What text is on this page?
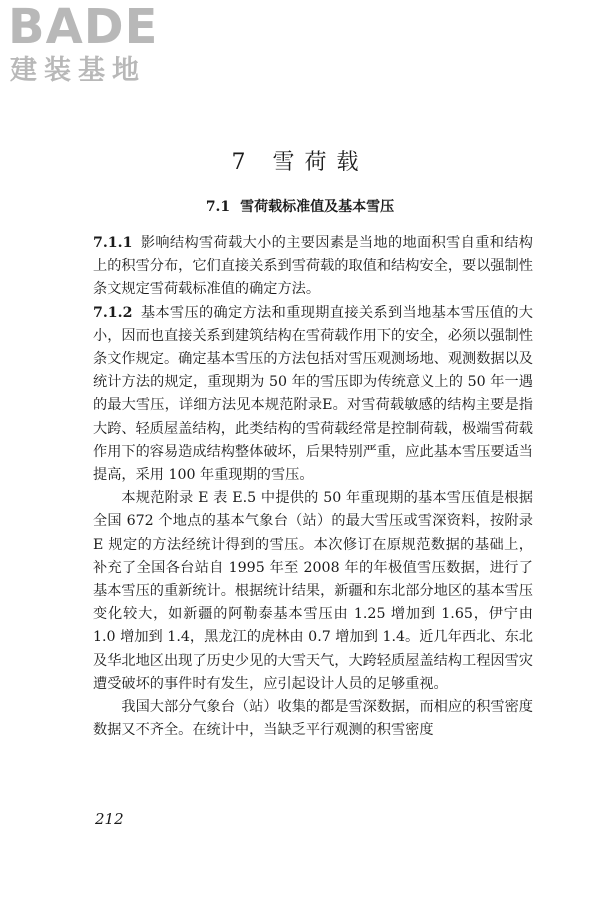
BADE
建装基地
7 雪荷载
7.1 雪荷载标准值及基本雪压

7.1.1 影响结构雪荷载大小的主要因素是当地的地面积雪自重和结构上的积雪分布，它们直接关系到雪荷载的取值和结构安全，要以强制性条文规定雪荷载标准值的确定方法。

7.1.2 基本雪压的确定方法和重现期直接关系到当地基本雪压值的大小，因而也直接关系到建筑结构在雪荷载作用下的安全，必须以强制性条文作规定。确定基本雪压的方法包括对雪压观测场地、观测数据以及统计方法的规定，重现期为 50 年的雪压即为传统意义上的 50 年一遇的最大雪压，详细方法见本规范附录E。对雪荷载敏感的结构主要是指大跨、轻质屋盖结构，此类结构的雪荷载经常是控制荷载，极端雪荷载作用下的容易造成结构整体破坏，后果特别严重，应此基本雪压要适当提高，采用 100 年重现期的雪压。

本规范附录 E 表 E.5 中提供的 50 年重现期的基本雪压值是根据全国 672 个地点的基本气象台（站）的最大雪压或雪深资料，按附录 E 规定的方法经统计得到的雪压。本次修订在原规范数据的基础上，补充了全国各台站自 1995 年至 2008 年的年极值雪压数据，进行了基本雪压的重新统计。根据统计结果，新疆和东北部分地区的基本雪压变化较大，如新疆的阿勒泰基本雪压由 1.25 增加到 1.65，伊宁由 1.0 增加到 1.4，黑龙江的虎林由 0.7 增加到 1.4。近几年西北、东北及华北地区出现了历史少见的大雪天气，大跨轻质屋盖结构工程因雪灾遭受破坏的事件时有发生，应引起设计人员的足够重视。

我国大部分气象台（站）收集的都是雪深数据，而相应的积雪密度数据又不齐全。在统计中，当缺乏平行观测的积雪密度

212
